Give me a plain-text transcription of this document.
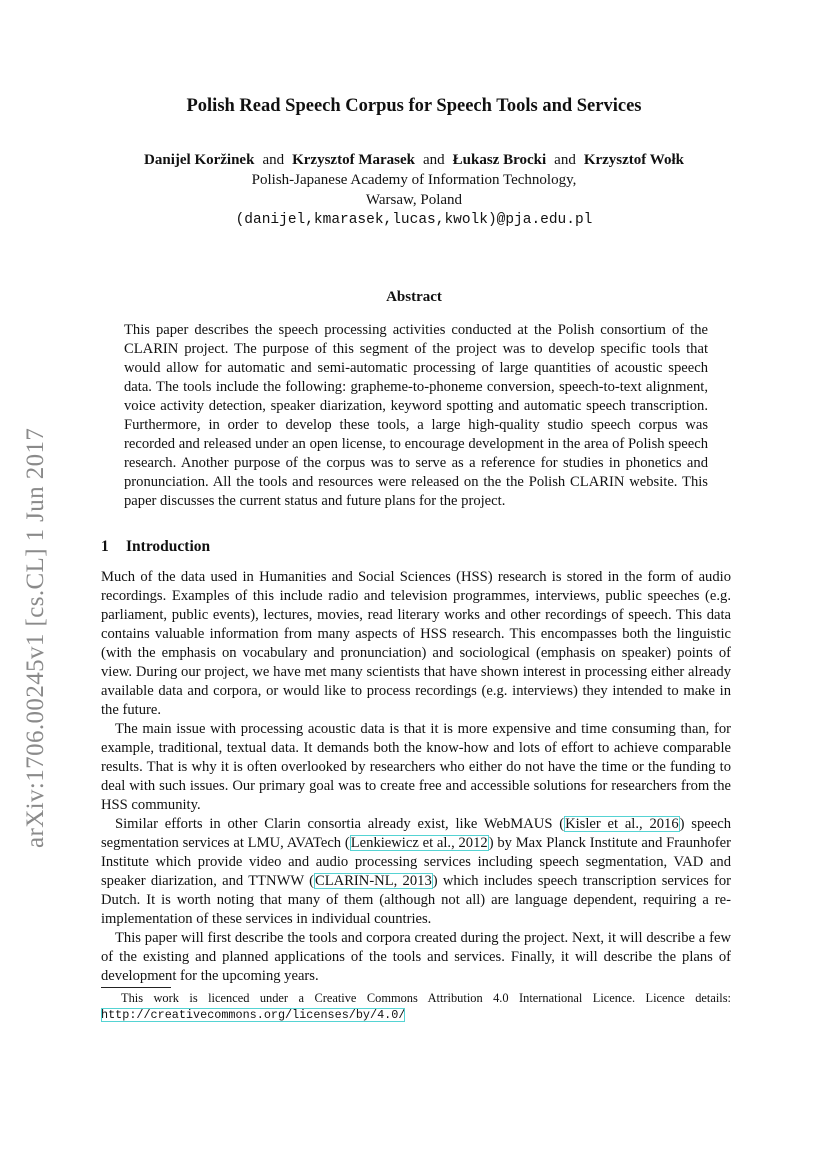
arXiv:1706.00245v1 [cs.CL] 1 Jun 2017
Polish Read Speech Corpus for Speech Tools and Services
Danijel Koržinek and Krzysztof Marasek and Łukasz Brocki and Krzysztof Wołk
Polish-Japanese Academy of Information Technology,
Warsaw, Poland
(danijel,kmarasek,lucas,kwolk)@pja.edu.pl
Abstract
This paper describes the speech processing activities conducted at the Polish consortium of the CLARIN project. The purpose of this segment of the project was to develop specific tools that would allow for automatic and semi-automatic processing of large quantities of acoustic speech data. The tools include the following: grapheme-to-phoneme conversion, speech-to-text alignment, voice activity detection, speaker diarization, keyword spotting and automatic speech transcription. Furthermore, in order to develop these tools, a large high-quality studio speech corpus was recorded and released under an open license, to encourage development in the area of Polish speech research. Another purpose of the corpus was to serve as a reference for studies in phonetics and pronunciation. All the tools and resources were released on the the Polish CLARIN website. This paper discusses the current status and future plans for the project.
1 Introduction

Much of the data used in Humanities and Social Sciences (HSS) research is stored in the form of audio recordings. Examples of this include radio and television programmes, interviews, public speeches (e.g. parliament, public events), lectures, movies, read literary works and other recordings of speech. This data contains valuable information from many aspects of HSS research. This encompasses both the linguistic (with the emphasis on vocabulary and pronunciation) and sociological (emphasis on speaker) points of view. During our project, we have met many scientists that have shown interest in processing either already available data and corpora, or would like to process recordings (e.g. interviews) they intended to make in the future.

The main issue with processing acoustic data is that it is more expensive and time consuming than, for example, traditional, textual data. It demands both the know-how and lots of effort to achieve comparable results. That is why it is often overlooked by researchers who either do not have the time or the funding to deal with such issues. Our primary goal was to create free and accessible solutions for researchers from the HSS community.

Similar efforts in other Clarin consortia already exist, like WebMAUS (Kisler et al., 2016) speech segmentation services at LMU, AVATech (Lenkiewicz et al., 2012) by Max Planck Institute and Fraunhofer Institute which provide video and audio processing services including speech segmentation, VAD and speaker diarization, and TTNWW (CLARIN-NL, 2013) which includes speech transcription services for Dutch. It is worth noting that many of them (although not all) are language dependent, requiring a re-implementation of these services in individual countries.

This paper will first describe the tools and corpora created during the project. Next, it will describe a few of the existing and planned applications of the tools and services. Finally, it will describe the plans of development for the upcoming years.

This work is licenced under a Creative Commons Attribution 4.0 International Licence. Licence details: http://creativecommons.org/licenses/by/4.0/
